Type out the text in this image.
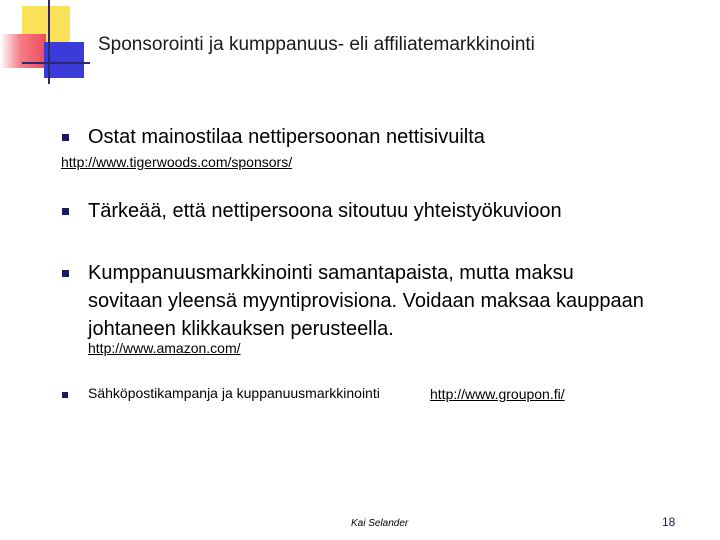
Sponsorointi ja kumppanuus- eli affiliatemarkkinointi
Ostat mainostilaa nettipersoonan nettisivuilta
http://www.tigerwoods.com/sponsors/
Tärkeää, että nettipersoona sitoutuu yhteistyökuvioon
Kumppanuusmarkkinointi samantapaista, mutta maksu sovitaan yleensä myyntiprovisiona. Voidaan maksaa kauppaan johtaneen klikkauksen perusteella.
http://www.amazon.com/
Sähköpostikampanja ja kuppanuusmarkkinointi	http://www.groupon.fi/
Kai Selander	18
